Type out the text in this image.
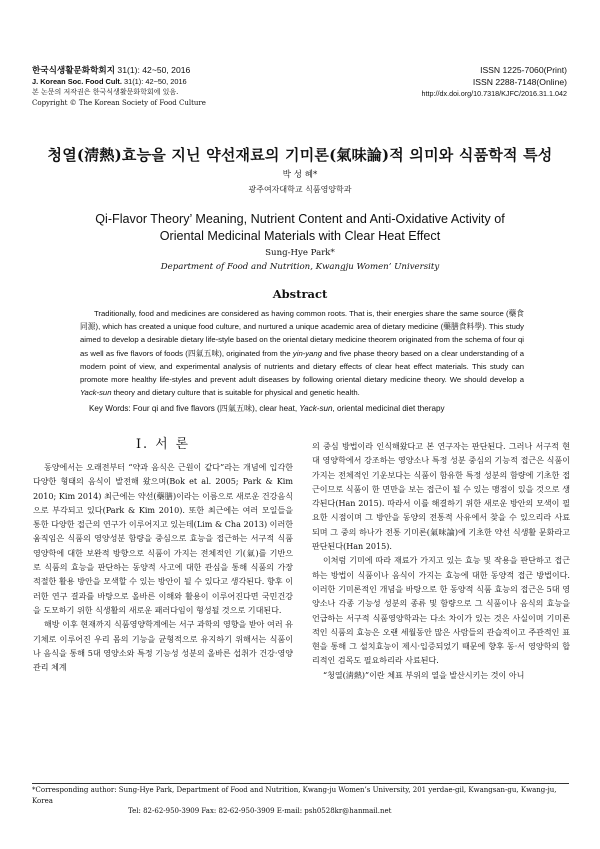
한국식생활문화학회지 31(1): 42~50, 2016
J. Korean Soc. Food Cult. 31(1): 42~50, 2016
본 논문의 저작권은 한국식생활문화학회에 있음.
Copyright © The Korean Society of Food Culture
ISSN 1225-7060(Print)
ISSN 2288-7148(Online)
http://dx.doi.org/10.7318/KJFC/2016.31.1.042
청열(淸熱)효능을 지닌 약선재료의 기미론(氣味論)적 의미와 식품학적 특성
박 성 혜*
광주여자대학교 식품영양학과
Qi-Flavor Theory’ Meaning, Nutrient Content and Anti-Oxidative Activity of
Oriental Medicinal Materials with Clear Heat Effect
Sung-Hye Park*
Department of Food and Nutrition, Kwangju Women’ University
Abstract

Traditionally, food and medicines are considered as having common roots. That is, their energies share the same source (藥食同源), which has created a unique food culture, and nurtured a unique academic area of dietary medicine (藥膳食料學). This study aimed to develop a desirable dietary life-style based on the oriental dietary medicine theorem originated from the schema of four qi as well as five flavors of foods (四氣五味), originated from the yin-yang and five phase theory based on a clear understanding of a modern point of view, and experimental analysis of nutrients and dietary effects of clear heat effect materials. This study can promote more healthy life-styles and prevent adult diseases by following oriental dietary medicine theory. We should develop a Yack-sun theory and dietary culture that is suitable for physical and genetic health.

Key Words: Four qi and five flavors (四氣五味), clear heat, Yack-sun, oriental medicinal diet therapy
Ⅰ. 서 론

동양에서는 오래전부터 “약과 음식은 근원이 같다”라는 개념에 입각한 다양한 형태의 음식이 발전해 왔으며(Bok et al. 2005; Park & Kim 2010; Kim 2014) 최근에는 약선(藥膳)이라는 이름으로 새로운 건강음식으로 부각되고 있다(Park & Kim 2010). 또한 최근에는 여러 모일들을 통한 다양한 접근의 연구가 이루어지고 있는데(Lim & Cha 2013) 이러한 움직임은 식품의 영양성분 함량을 중심으로 효능을 접근하는 서구적 식품영양학에 대한 보완적 방향으로 식품이 가지는 전체적인 기(氣)를 기반으로 식품의 효능을 판단하는 동양적 사고에 대한 관심을 통해 식품의 가장 적절한 활용 방안을 모색할 수 있는 방안이 될 수 있다고 생각된다. 향후 이러한 연구 결과를 바탕으로 올바른 이해와 활용이 이루어진다면 국민건강을 도모하기 위한 식생활의 새로운 패러다임이 형성될 것으로 기대된다.

해방 이후 현재까지 식품영양학계에는 서구 과학의 영향을 받아 여러 유기체로 이루어진 우리 몸의 기능을 균형적으로 유지하기 위해서는 식품이나 음식을 통해 5대 영양소와 특정 기능성 성분의 올바른 섭취가 건강·영양관리 체계

의 중심 방법이라 인식해왔다고 본 연구자는 판단된다. 그러나 서구적 현대 영양학에서 강조하는 영양소나 특정 성분 중심의 기능적 접근은 식품이 가지는 전체적인 기운보다는 식품이 함유한 특정 성분의 함량에 기초한 접근이므로 식품이 한 면만을 보는 접근이 될 수 있는 맹점이 있을 것으로 생각된다(Han 2015). 따라서 이를 해결하기 위한 새로운 방안의 모색이 필요한 시점이며 그 방안을 동양의 전통적 사유에서 찾을 수 있으리라 사료되며 그 중의 하나가 전통 기미론(氣味論)에 기초한 약선 식생활 문화라고 판단된다(Han 2015).

이처럼 기미에 따라 재료가 가지고 있는 효능 및 작용을 판단하고 접근하는 방법이 식품이나 음식이 가지는 효능에 대한 동양적 접근 방법이다. 이러한 기미론적인 개념을 바탕으로 한 동양적 식품 효능의 접근은 5대 영양소나 각종 기능성 성분의 종류 및 함량으로 그 식품이나 음식의 효능을 언급하는 서구적 식품영양학과는 다소 차이가 있는 것은 사실이며 기미론적인 식품의 효능은 오랜 세월동안 많은 사람들의 관습적이고 주관적인 표현을 통해 그 설치효능이 제시·입증되었기 때문에 향후 동·서 영양학의 합리적인 검목도 필요하리라 사료된다.

“청열(淸熱)”이란 체표 부위의 열을 발산시키는 것이 아니

*Corresponding author: Sung-Hye Park, Department of Food and Nutrition, Kwang-ju Women’s University, 201 yerdae-gil, Kwangsan-gu, Kwang-ju, Korea
Tel: 82-62-950-3909 Fax: 82-62-950-3909 E-mail: psh0528kr@hanmail.net
